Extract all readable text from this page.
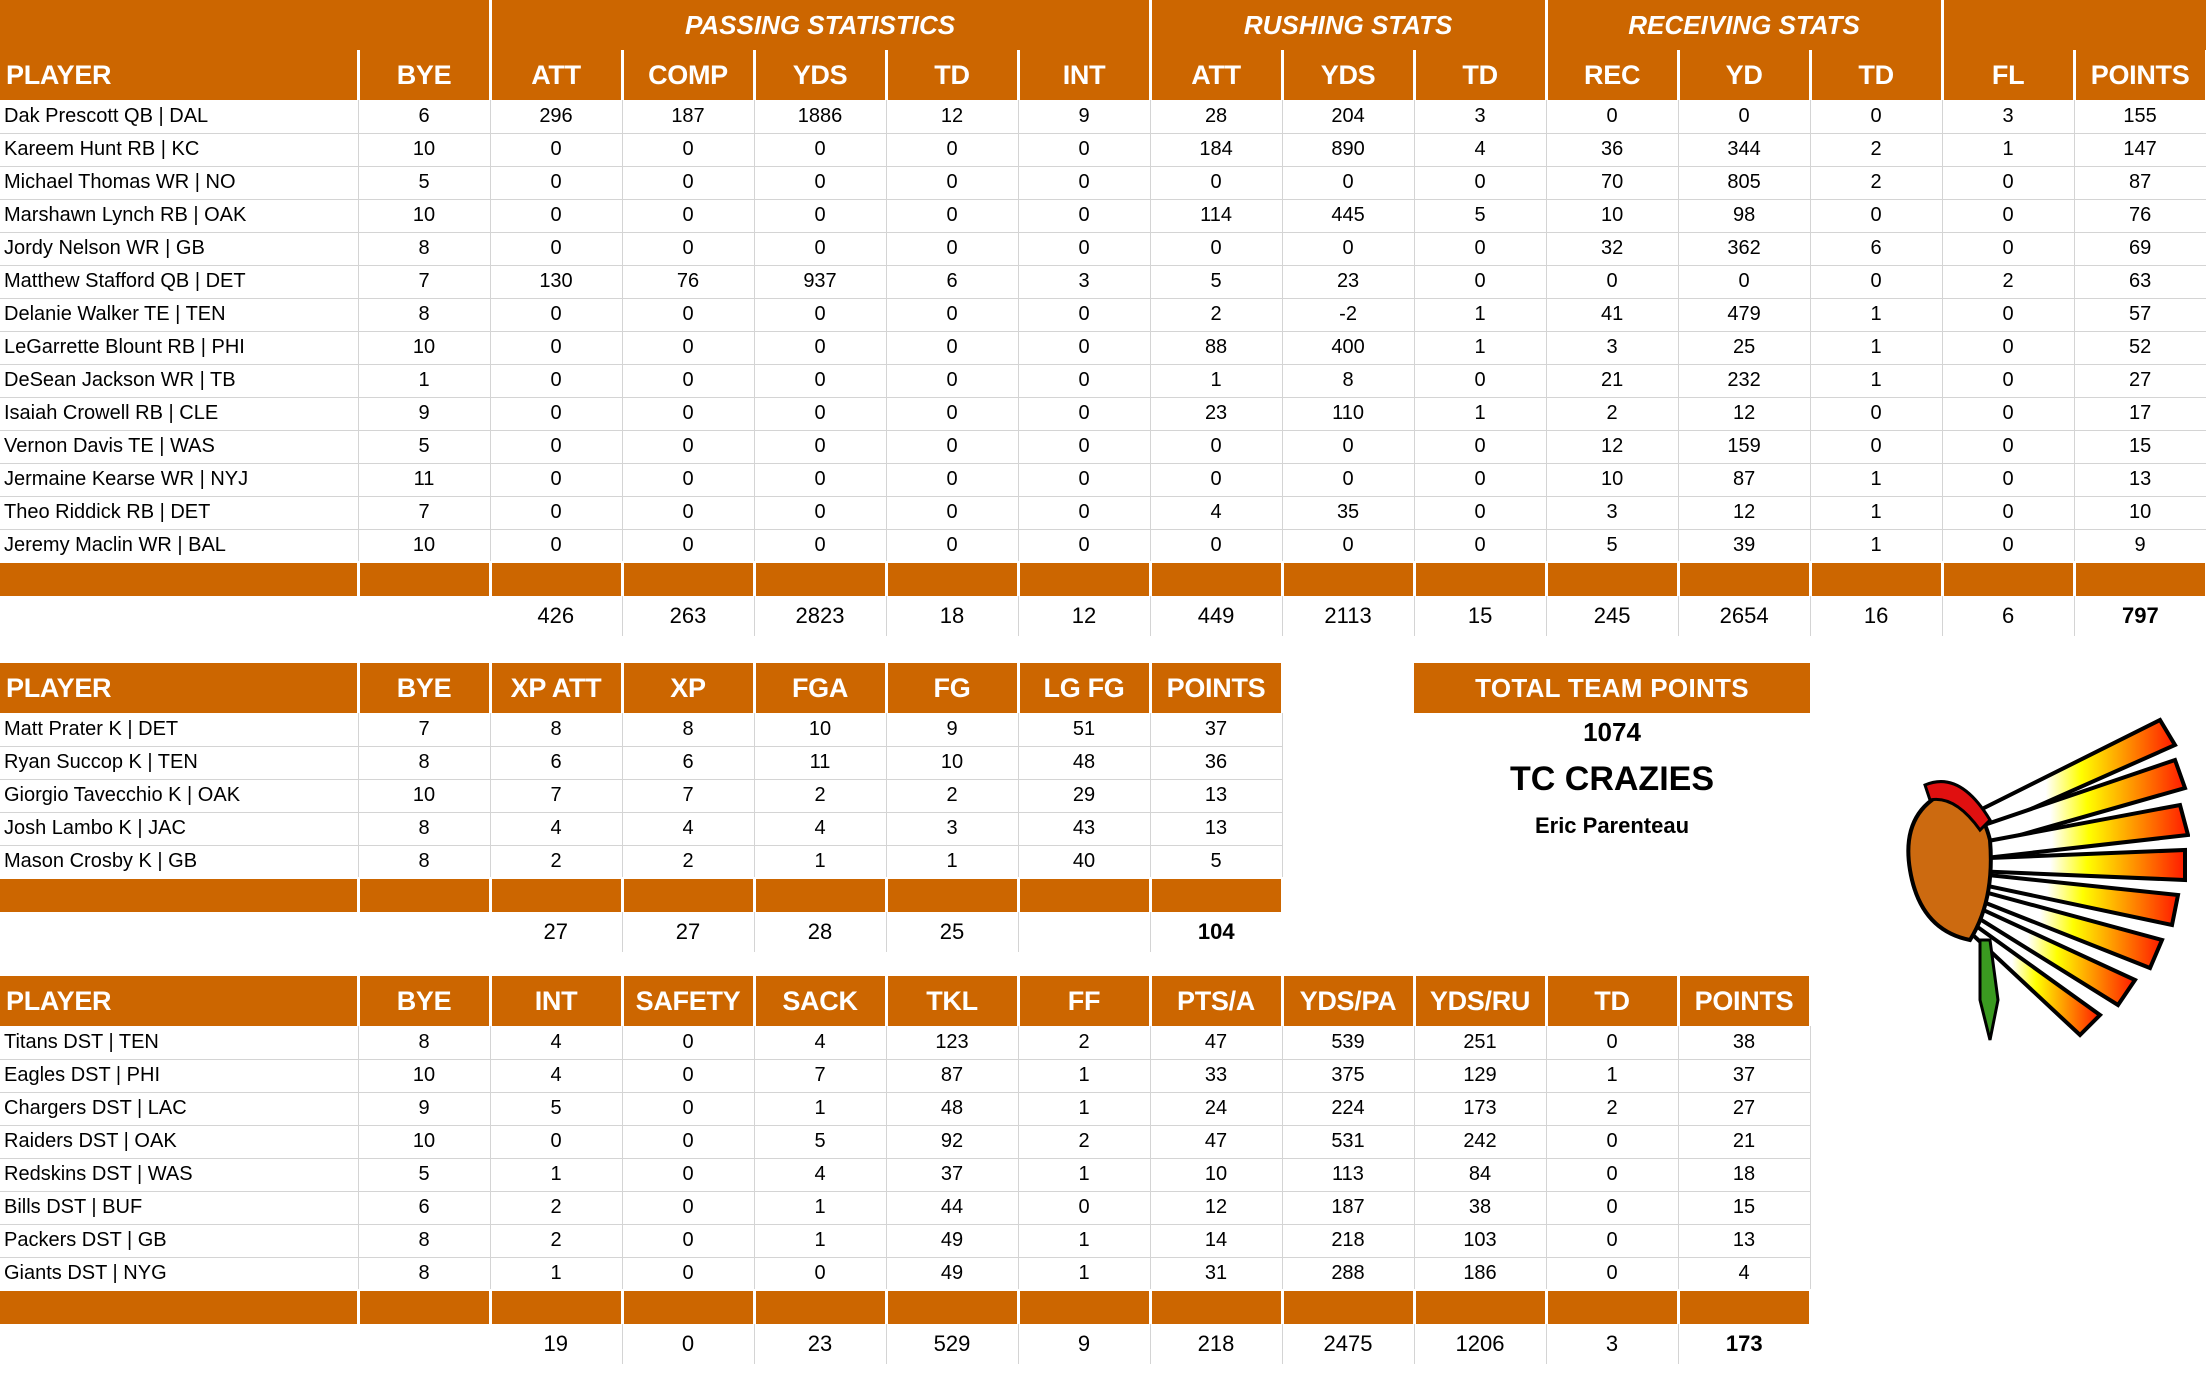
		PASSING STATISTICS					RUSHING STATS			RECEIVING STATS				
PLAYER	BYE	ATT	COMP	YDS	TD	INT	ATT	YDS	TD	REC	YD	TD	FL	POINTS
Dak Prescott QB | DAL	6	296	187	1886	12	9	28	204	3	0	0	0	3	155
Kareem Hunt RB | KC	10	0	0	0	0	0	184	890	4	36	344	2	1	147
Michael Thomas WR | NO	5	0	0	0	0	0	0	0	0	70	805	2	0	87
Marshawn Lynch RB | OAK	10	0	0	0	0	0	114	445	5	10	98	0	0	76
Jordy Nelson WR | GB	8	0	0	0	0	0	0	0	0	32	362	6	0	69
Matthew Stafford QB | DET	7	130	76	937	6	3	5	23	0	0	0	0	2	63
Delanie Walker TE | TEN	8	0	0	0	0	0	2	-2	1	41	479	1	0	57
LeGarrette Blount RB | PHI	10	0	0	0	0	0	88	400	1	3	25	1	0	52
DeSean Jackson WR | TB	1	0	0	0	0	0	1	8	0	21	232	1	0	27
Isaiah Crowell RB | CLE	9	0	0	0	0	0	23	110	1	2	12	0	0	17
Vernon Davis TE | WAS	5	0	0	0	0	0	0	0	0	12	159	0	0	15
Jermaine Kearse WR | NYJ	11	0	0	0	0	0	0	0	0	10	87	1	0	13
Theo Riddick RB | DET	7	0	0	0	0	0	4	35	0	3	12	1	0	10
Jeremy Maclin WR | BAL	10	0	0	0	0	0	0	0	0	5	39	1	0	9

		426	263	2823	18	12	449	2113	15	245	2654	16	6	797
PLAYER	BYE	XP ATT	XP	FGA	FG	LG FG	POINTS
Matt Prater K | DET	7	8	8	10	9	51	37
Ryan Succop K | TEN	8	6	6	11	10	48	36
Giorgio Tavecchio K | OAK	10	7	7	2	2	29	13
Josh Lambo K | JAC	8	4	4	4	3	43	13
Mason Crosby K | GB	8	2	2	1	1	40	5

		27	27	28	25		104
TOTAL TEAM POINTS
1074
TC CRAZIES
Eric Parenteau
PLAYER	BYE	INT	SAFETY	SACK	TKL	FF	PTS/A	YDS/PA	YDS/RU	TD	POINTS
Titans DST | TEN	8	4	0	4	123	2	47	539	251	0	38
Eagles DST | PHI	10	4	0	7	87	1	33	375	129	1	37
Chargers DST | LAC	9	5	0	1	48	1	24	224	173	2	27
Raiders DST | OAK	10	0	0	5	92	2	47	531	242	0	21
Redskins DST | WAS	5	1	0	4	37	1	10	113	84	0	18
Bills DST | BUF	6	2	0	1	44	0	12	187	38	0	15
Packers DST | GB	8	2	0	1	49	1	14	218	103	0	13
Giants DST | NYG	8	1	0	0	49	1	31	288	186	0	4

		19	0	23	529	9	218	2475	1206	3	173
